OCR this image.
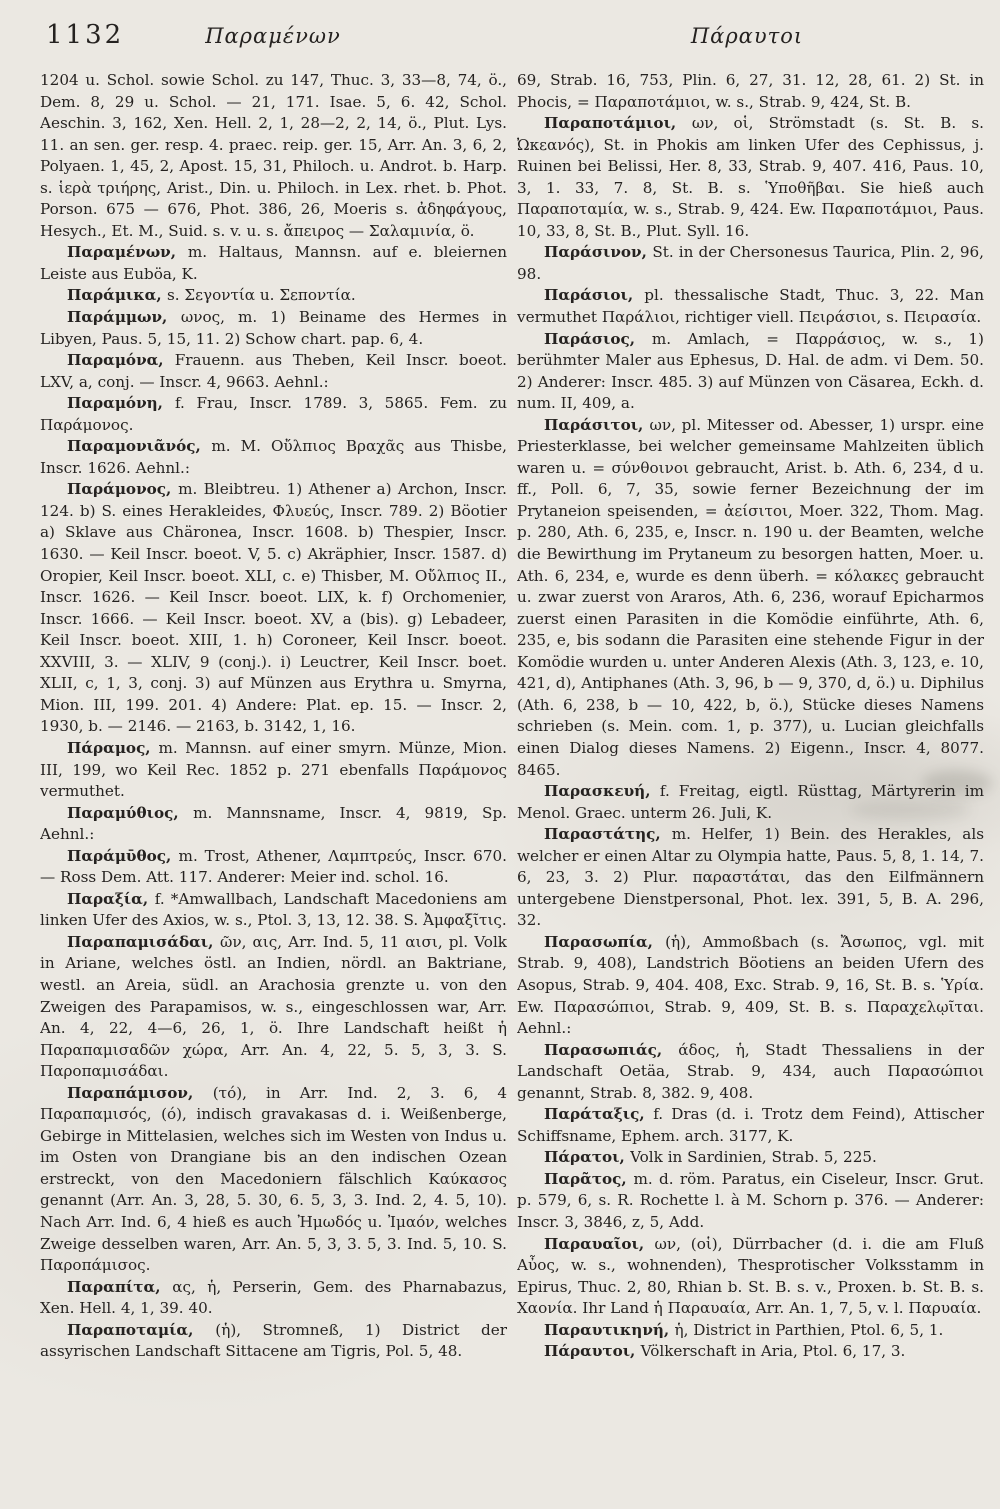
1132	Παραμένων	Πάραυτοι

1204 u. Schol. sowie Schol. zu 147, Thuc. 3, 33—8, 74, ö., Dem. 8, 29 u. Schol. — 21, 171. Isae. 5, 6. 42, Schol. Aeschin. 3, 162, Xen. Hell. 2, 1, 28—2, 2, 14, ö., Plut. Lys. 11. an sen. ger. resp. 4. praec. reip. ger. 15, Arr. An. 3, 6, 2, Polyaen. 1, 45, 2, Apost. 15, 31, Philoch. u. Androt. b. Harp. s. ἱερὰ τριήρης, Arist., Din. u. Philoch. in Lex. rhet. b. Phot. Porson. 675 — 676, Phot. 386, 26, Moeris s. ἀδηφάγους, Hesych., Et. M., Suid. s. v. u. s. ἄπειρος — Σαλαμινία, ö.

Παραμένων, m. Haltaus, Mannsn. auf e. bleiernen Leiste aus Euböa, K.

Παράμικα, s. Σεγοντία u. Σεποντία.

Παράμμων, ωνος, m. 1) Beiname des Hermes in Libyen, Paus. 5, 15, 11. 2) Schow chart. pap. 6, 4.

Παραμόνα, Frauenn. aus Theben, Keil Inscr. boeot. LXV, a, conj. — Inscr. 4, 9663. Aehnl.:

Παραμόνη, f. Frau, Inscr. 1789. 3, 5865. Fem. zu Παράμονος.

Παραμονιᾶνός, m. M. Οὔλπιος Βραχᾶς aus Thisbe, Inscr. 1626. Aehnl.:

Παράμονος, m. Bleibtreu. 1) Athener a) Archon, Inscr. 124. b) S. eines Herakleides, Φλυεύς, Inscr. 789. 2) Böotier a) Sklave aus Chäronea, Inscr. 1608. b) Thespier, Inscr. 1630. — Keil Inscr. boeot. V, 5. c) Akräphier, Inscr. 1587. d) Oropier, Keil Inscr. boeot. XLI, c. e) Thisber, M. Οὔλπιος II., Inscr. 1626. — Keil Inscr. boeot. LIX, k. f) Orchomenier, Inscr. 1666. — Keil Inscr. boeot. XV, a (bis). g) Lebadeer, Keil Inscr. boeot. XIII, 1. h) Coroneer, Keil Inscr. boeot. XXVIII, 3. — XLIV, 9 (conj.). i) Leuctrer, Keil Inscr. boet. XLII, c, 1, 3, conj. 3) auf Münzen aus Erythra u. Smyrna, Mion. III, 199. 201. 4) Andere: Plat. ep. 15. — Inscr. 2, 1930, b. — 2146. — 2163, b. 3142, 1, 16.

Πάραμος, m. Mannsn. auf einer smyrn. Münze, Mion. III, 199, wo Keil Rec. 1852 p. 271 ebenfalls Παράμονος vermuthet.

Παραμύθιος, m. Mannsname, Inscr. 4, 9819, Sp. Aehnl.:

Παράμῡθος, m. Trost, Athener, Λαμπτρεύς, Inscr. 670. — Ross Dem. Att. 117. Anderer: Meier ind. schol. 16.

Παραξία, f. *Amwallbach, Landschaft Macedoniens am linken Ufer des Axios, w. s., Ptol. 3, 13, 12. 38. S. Ἀμφαξῖτις.

Παραπαμισάδαι, ῶν, αις, Arr. Ind. 5, 11 αισι, pl. Volk in Ariane, welches östl. an Indien, nördl. an Baktriane, westl. an Areia, südl. an Arachosia grenzte u. von den Zweigen des Parapamisos, w. s., eingeschlossen war, Arr. An. 4, 22, 4—6, 26, 1, ö. Ihre Landschaft heißt ἡ Παραπαμισαδῶν χώρα, Arr. An. 4, 22, 5. 5, 3, 3. S. Παροπαμισάδαι.

Παραπάμισον, (τό), in Arr. Ind. 2, 3. 6, 4 Παραπαμισός, (ό), indisch gravakasas d. i. Weißenberge, Gebirge in Mittelasien, welches sich im Westen von Indus u. im Osten von Drangiane bis an den indischen Ozean erstreckt, von den Macedoniern fälschlich Καύκασος genannt (Arr. An. 3, 28, 5. 30, 6. 5, 3, 3. Ind. 2, 4. 5, 10). Nach Arr. Ind. 6, 4 hieß es auch Ἠμωδός u. Ἰμαόν, welches Zweige desselben waren, Arr. An. 5, 3, 3. 5, 3. Ind. 5, 10. S. Παροπάμισος.

Παραπίτα, ας, ἡ, Perserin, Gem. des Pharnabazus, Xen. Hell. 4, 1, 39. 40.

Παραποταμία, (ἡ), Stromneß, 1) District der assyrischen Landschaft Sittacene am Tigris, Pol. 5, 48.

69, Strab. 16, 753, Plin. 6, 27, 31. 12, 28, 61. 2) St. in Phocis, = Παραποτάμιοι, w. s., Strab. 9, 424, St. B.

Παραποτάμιοι, ων, οἱ, Strömstadt (s. St. B. s. Ὠκεανός), St. in Phokis am linken Ufer des Cephissus, j. Ruinen bei Belissi, Her. 8, 33, Strab. 9, 407. 416, Paus. 10, 3, 1. 33, 7. 8, St. B. s. Ὑποθῆβαι. Sie hieß auch Παραποταμία, w. s., Strab. 9, 424. Ew. Παραποτάμιοι, Paus. 10, 33, 8, St. B., Plut. Syll. 16.

Παράσινον, St. in der Chersonesus Taurica, Plin. 2, 96, 98.

Παράσιοι, pl. thessalische Stadt, Thuc. 3, 22. Man vermuthet Παράλιοι, richtiger viell. Πειράσιοι, s. Πειρασία.

Παράσιος, m. Amlach, = Παρράσιος, w. s., 1) berühmter Maler aus Ephesus, D. Hal. de adm. vi Dem. 50. 2) Anderer: Inscr. 485. 3) auf Münzen von Cäsarea, Eckh. d. num. II, 409, a.

Παράσιτοι, ων, pl. Mitesser od. Abesser, 1) urspr. eine Priesterklasse, bei welcher gemeinsame Mahlzeiten üblich waren u. = σύνθοινοι gebraucht, Arist. b. Ath. 6, 234, d u. ff., Poll. 6, 7, 35, sowie ferner Bezeichnung der im Prytaneion speisenden, = ἀείσιτοι, Moer. 322, Thom. Mag. p. 280, Ath. 6, 235, e, Inscr. n. 190 u. der Beamten, welche die Bewirthung im Prytaneum zu besorgen hatten, Moer. u. Ath. 6, 234, e, wurde es denn überh. = κόλακες gebraucht u. zwar zuerst von Araros, Ath. 6, 236, worauf Epicharmos zuerst einen Parasiten in die Komödie einführte, Ath. 6, 235, e, bis sodann die Parasiten eine stehende Figur in der Komödie wurden u. unter Anderen Alexis (Ath. 3, 123, e. 10, 421, d), Antiphanes (Ath. 3, 96, b — 9, 370, d, ö.) u. Diphilus (Ath. 6, 238, b — 10, 422, b, ö.), Stücke dieses Namens schrieben (s. Mein. com. 1, p. 377), u. Lucian gleichfalls einen Dialog dieses Namens. 2) Eigenn., Inscr. 4, 8077. 8465.

Παρασκευή, f. Freitag, eigtl. Rüsttag, Märtyrerin im Menol. Graec. unterm 26. Juli, K.

Παραστάτης, m. Helfer, 1) Bein. des Herakles, als welcher er einen Altar zu Olympia hatte, Paus. 5, 8, 1. 14, 7. 6, 23, 3. 2) Plur. παραστάται, das den Eilfmännern untergebene Dienstpersonal, Phot. lex. 391, 5, B. A. 296, 32.

Παρασωπία, (ἡ), Ammoßbach (s. Ἄσωπος, vgl. mit Strab. 9, 408), Landstrich Böotiens an beiden Ufern des Asopus, Strab. 9, 404. 408, Exc. Strab. 9, 16, St. B. s. Ὑρία. Ew. Παρασώπιοι, Strab. 9, 409, St. B. s. Παραχελῳῖται. Aehnl.:

Παρασωπιάς, άδος, ἡ, Stadt Thessaliens in der Landschaft Oetäa, Strab. 9, 434, auch Παρασώπιοι genannt, Strab. 8, 382. 9, 408.

Παράταξις, f. Dras (d. i. Trotz dem Feind), Attischer Schiffsname, Ephem. arch. 3177, K.

Πάρατοι, Volk in Sardinien, Strab. 5, 225.

Παρᾶτος, m. d. röm. Paratus, ein Ciseleur, Inscr. Grut. p. 579, 6, s. R. Rochette l. à M. Schorn p. 376. — Anderer: Inscr. 3, 3846, z, 5, Add.

Παραυαῖοι, ων, (οἱ), Dürrbacher (d. i. die am Fluß Αὖος, w. s., wohnenden), Thesprotischer Volksstamm in Epirus, Thuc. 2, 80, Rhian b. St. B. s. v., Proxen. b. St. B. s. Χαονία. Ihr Land ἡ Παραυαία, Arr. An. 1, 7, 5, v. l. Παρυαία.

Παραυτικηνή, ἡ, District in Parthien, Ptol. 6, 5, 1.

Πάραυτοι, Völkerschaft in Aria, Ptol. 6, 17, 3.
